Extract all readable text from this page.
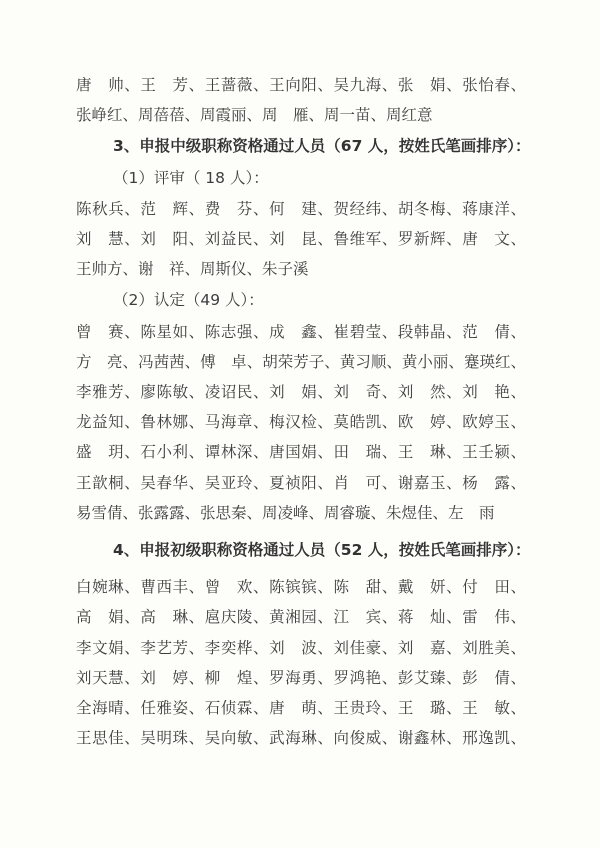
唐　帅、王　芳、王蔷薇、王向阳、吴九海、张　娟、张怡春、
张峥红、周蓓蓓、周霞丽、周　雁、周一苗、周红意
3、申报中级职称资格通过人员（67 人，按姓氏笔画排序）：
（1）评审（ 18 人）：
陈秋兵、范　辉、费　芬、何　建、贺经纬、胡冬梅、蒋康洋、
刘　慧、刘　阳、刘益民、刘　昆、鲁维军、罗新辉、唐　文、
王帅方、谢　祥、周斯仪、朱子溪
（2）认定（49 人）：
曾　赛、陈星如、陈志强、成　鑫、崔碧莹、段韩晶、范　倩、
方　亮、冯茜茜、傅　卓、胡荣芳子、黄习顺、黄小丽、蹇瑛红、
李雅芳、廖陈敏、凌诏民、刘　娟、刘　奇、刘　然、刘　艳、
龙益知、鲁林娜、马海章、梅汉检、莫皓凯、欧　婷、欧婷玉、
盛　玥、石小利、谭林深、唐国娟、田　瑞、王　琳、王壬颍、
王歆桐、吴春华、吴亚玲、夏祯阳、肖　可、谢嘉玉、杨　露、
易雪倩、张露露、张思秦、周凌峰、周睿璇、朱煜佳、左　雨
4、申报初级职称资格通过人员（52 人，按姓氏笔画排序）：
白婉琳、曹西丰、曾　欢、陈镔镔、陈　甜、戴　妍、付　田、
高　娟、高　琳、扈庆陵、黄湘园、江　宾、蒋　灿、雷　伟、
李文娟、李艺芳、李奕桦、刘　波、刘佳豪、刘　嘉、刘胜美、
刘天慧、刘　婷、柳　煌、罗海勇、罗鸿艳、彭艾臻、彭　倩、
全海晴、任雅姿、石侦霖、唐　萌、王贵玲、王　璐、王　敏、
王思佳、吴明珠、吴向敏、武海琳、向俊威、谢鑫林、邢逸凯、
